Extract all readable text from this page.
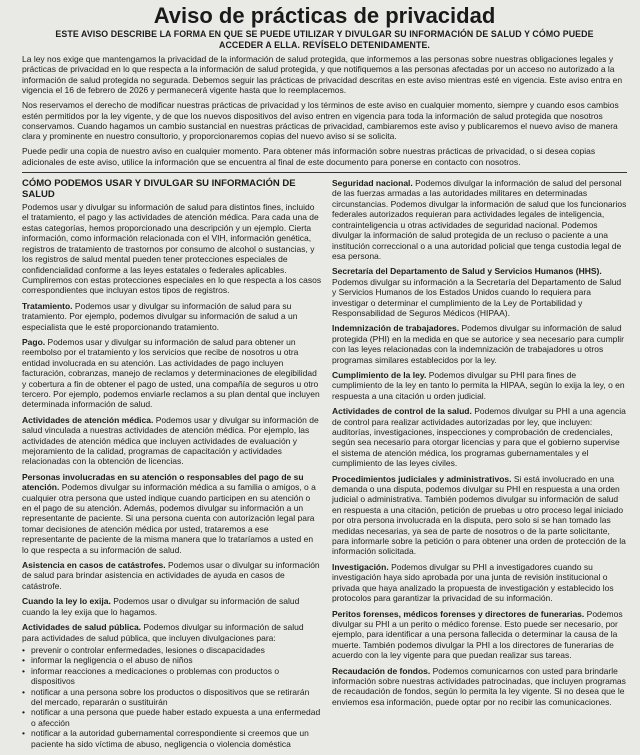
Aviso de prácticas de privacidad
ESTE AVISO DESCRIBE LA FORMA EN QUE SE PUEDE UTILIZAR Y DIVULGAR SU INFORMACIÓN DE SALUD Y CÓMO PUEDE ACCEDER A ELLA. REVÍSELO DETENIDAMENTE.

La ley nos exige que mantengamos la privacidad de la información de salud protegida, que informemos a las personas sobre nuestras obligaciones legales y prácticas de privacidad en lo que respecta a la información de salud protegida, y que notifiquemos a las personas afectadas por un acceso no autorizado a la información de salud protegida no segurada. Debemos seguir las prácticas de privacidad descritas en este aviso mientras esté en vigencia. Este aviso entra en vigencia el 16 de febrero de 2026 y permanecerá vigente hasta que lo reemplacemos.

Nos reservamos el derecho de modificar nuestras prácticas de privacidad y los términos de este aviso en cualquier momento, siempre y cuando esos cambios estén permitidos por la ley vigente, y de que los nuevos dispositivos del aviso entren en vigencia para toda la información de salud protegida que nosotros conservamos. Cuando hagamos un cambio sustancial en nuestras prácticas de privacidad, cambiaremos este aviso y publicaremos el nuevo aviso de manera clara y prominente en nuestro consultorio, y proporcionaremos copias del nuevo aviso si se solicita.

Puede pedir una copia de nuestro aviso en cualquier momento. Para obtener más información sobre nuestras prácticas de privacidad, o si desea copias adicionales de este aviso, utilice la información que se encuentra al final de este documento para ponerse en contacto con nosotros.

CÓMO PODEMOS USAR Y DIVULGAR SU INFORMACIÓN DE SALUD
Podemos usar y divulgar su información de salud para distintos fines, incluido el tratamiento, el pago y las actividades de atención médica. Para cada una de estas categorías, hemos proporcionado una descripción y un ejemplo. Cierta información, como información relacionada con el VIH, información genética, registros de tratamiento de trastornos por consumo de alcohol o sustancias, y los registros de salud mental pueden tener protecciones especiales de confidencialidad conforme a las leyes estatales o federales aplicables. Cumpliremos con estas protecciones especiales en lo que respecta a los casos correspondientes que incluyan estos tipos de registros.
Tratamiento. Podemos usar y divulgar su información de salud para su tratamiento. Por ejemplo, podemos divulgar su información de salud a un especialista que le esté proporcionando tratamiento.
Pago. Podemos usar y divulgar su información de salud para obtener un reembolso por el tratamiento y los servicios que recibe de nosotros u otra entidad involucrada en su atención. Las actividades de pago incluyen facturación, cobranzas, manejo de reclamos y determinaciones de elegibilidad y cobertura a fin de obtener el pago de usted, una compañía de seguros u otro tercero. Por ejemplo, podemos enviarle reclamos a su plan dental que incluyen determinada información de salud.
Actividades de atención médica. Podemos usar y divulgar su información de salud vinculada a nuestras actividades de atención médica. Por ejemplo, las actividades de atención médica que incluyen actividades de evaluación y mejoramiento de la calidad, programas de capacitación y actividades relacionadas con la obtención de licencias.
Personas involucradas en su atención o responsables del pago de su atención. Podemos divulgar su información médica a su familia o amigos, o a cualquier otra persona que usted indique cuando participen en su atención o en el pago de su atención. Además, podemos divulgar su información a un representante de paciente. Si una persona cuenta con autorización legal para tomar decisiones de atención médica por usted, trataremos a ese representante de paciente de la misma manera que lo trataríamos a usted en lo que respecta a su información de salud.
Asistencia en casos de catástrofes. Podemos usar o divulgar su información de salud para brindar asistencia en actividades de ayuda en casos de catástrofe.
Cuando la ley lo exija. Podemos usar o divulgar su información de salud cuando la ley exija que lo hagamos.
Actividades de salud pública. Podemos divulgar su información de salud para actividades de salud pública, que incluyen divulgaciones para:
• prevenir o controlar enfermedades, lesiones o discapacidades
• informar la negligencia o el abuso de niños
• informar reacciones a medicaciones o problemas con productos o dispositivos
• notificar a una persona sobre los productos o dispositivos que se retirarán del mercado, repararán o sustituirán
• notificar a una persona que puede haber estado expuesta a una enfermedad o afección
• notificar a la autoridad gubernamental correspondiente si creemos que un paciente ha sido víctima de abuso, negligencia o violencia doméstica
Seguridad nacional. Podemos divulgar la información de salud del personal de las fuerzas armadas a las autoridades militares en determinadas circunstancias. Podemos divulgar la información de salud que los funcionarios federales autorizados requieran para actividades legales de inteligencia, contrainteligencia u otras actividades de seguridad nacional. Podemos divulgar la información de salud protegida de un recluso o paciente a una institución correccional o a una autoridad policial que tenga custodia legal de esa persona.
Secretaría del Departamento de Salud y Servicios Humanos (HHS). Podemos divulgar su información a la Secretaría del Departamento de Salud y Servicios Humanos de los Estados Unidos cuando lo requiera para investigar o determinar el cumplimiento de la Ley de Portabilidad y Responsabilidad de Seguros Médicos (HIPAA).
Indemnización de trabajadores. Podemos divulgar su información de salud protegida (PHI) en la medida en que se autorice y sea necesario para cumplir con las leyes relacionadas con la indemnización de trabajadores u otros programas similares establecidos por la ley.
Cumplimiento de la ley. Podemos divulgar su PHI para fines de cumplimiento de la ley en tanto lo permita la HIPAA, según lo exija la ley, o en respuesta a una citación u orden judicial.
Actividades de control de la salud. Podemos divulgar su PHI a una agencia de control para realizar actividades autorizadas por ley, que incluyen: auditorías, investigaciones, inspecciones y comprobación de credenciales, según sea necesario para otorgar licencias y para que el gobierno supervise el sistema de atención médica, los programas gubernamentales y el cumplimiento de las leyes civiles.
Procedimientos judiciales y administrativos. Si está involucrado en una demanda o una disputa, podemos divulgar su PHI en respuesta a una orden judicial o administrativa. También podemos divulgar su información de salud en respuesta a una citación, petición de pruebas u otro proceso legal iniciado por otra persona involucrada en la disputa, pero solo si se han tomado las medidas necesarias, ya sea de parte de nosotros o de la parte solicitante, para informarle sobre la petición o para obtener una orden de protección de la información solicitada.
Investigación. Podemos divulgar su PHI a investigadores cuando su investigación haya sido aprobada por una junta de revisión institucional o privada que haya analizado la propuesta de investigación y establecido los protocolos para garantizar la privacidad de su información.
Peritos forenses, médicos forenses y directores de funerarias. Podemos divulgar su PHI a un perito o médico forense. Esto puede ser necesario, por ejemplo, para identificar a una persona fallecida o determinar la causa de la muerte. También podemos divulgar la PHI a los directores de funerarias de acuerdo con la ley vigente para que puedan realizar sus tareas.
Recaudación de fondos. Podemos comunicarnos con usted para brindarle información sobre nuestras actividades patrocinadas, que incluyen programas de recaudación de fondos, según lo permita la ley vigente. Si no desea que le enviemos esa información, puede optar por no recibir las comunicaciones.
